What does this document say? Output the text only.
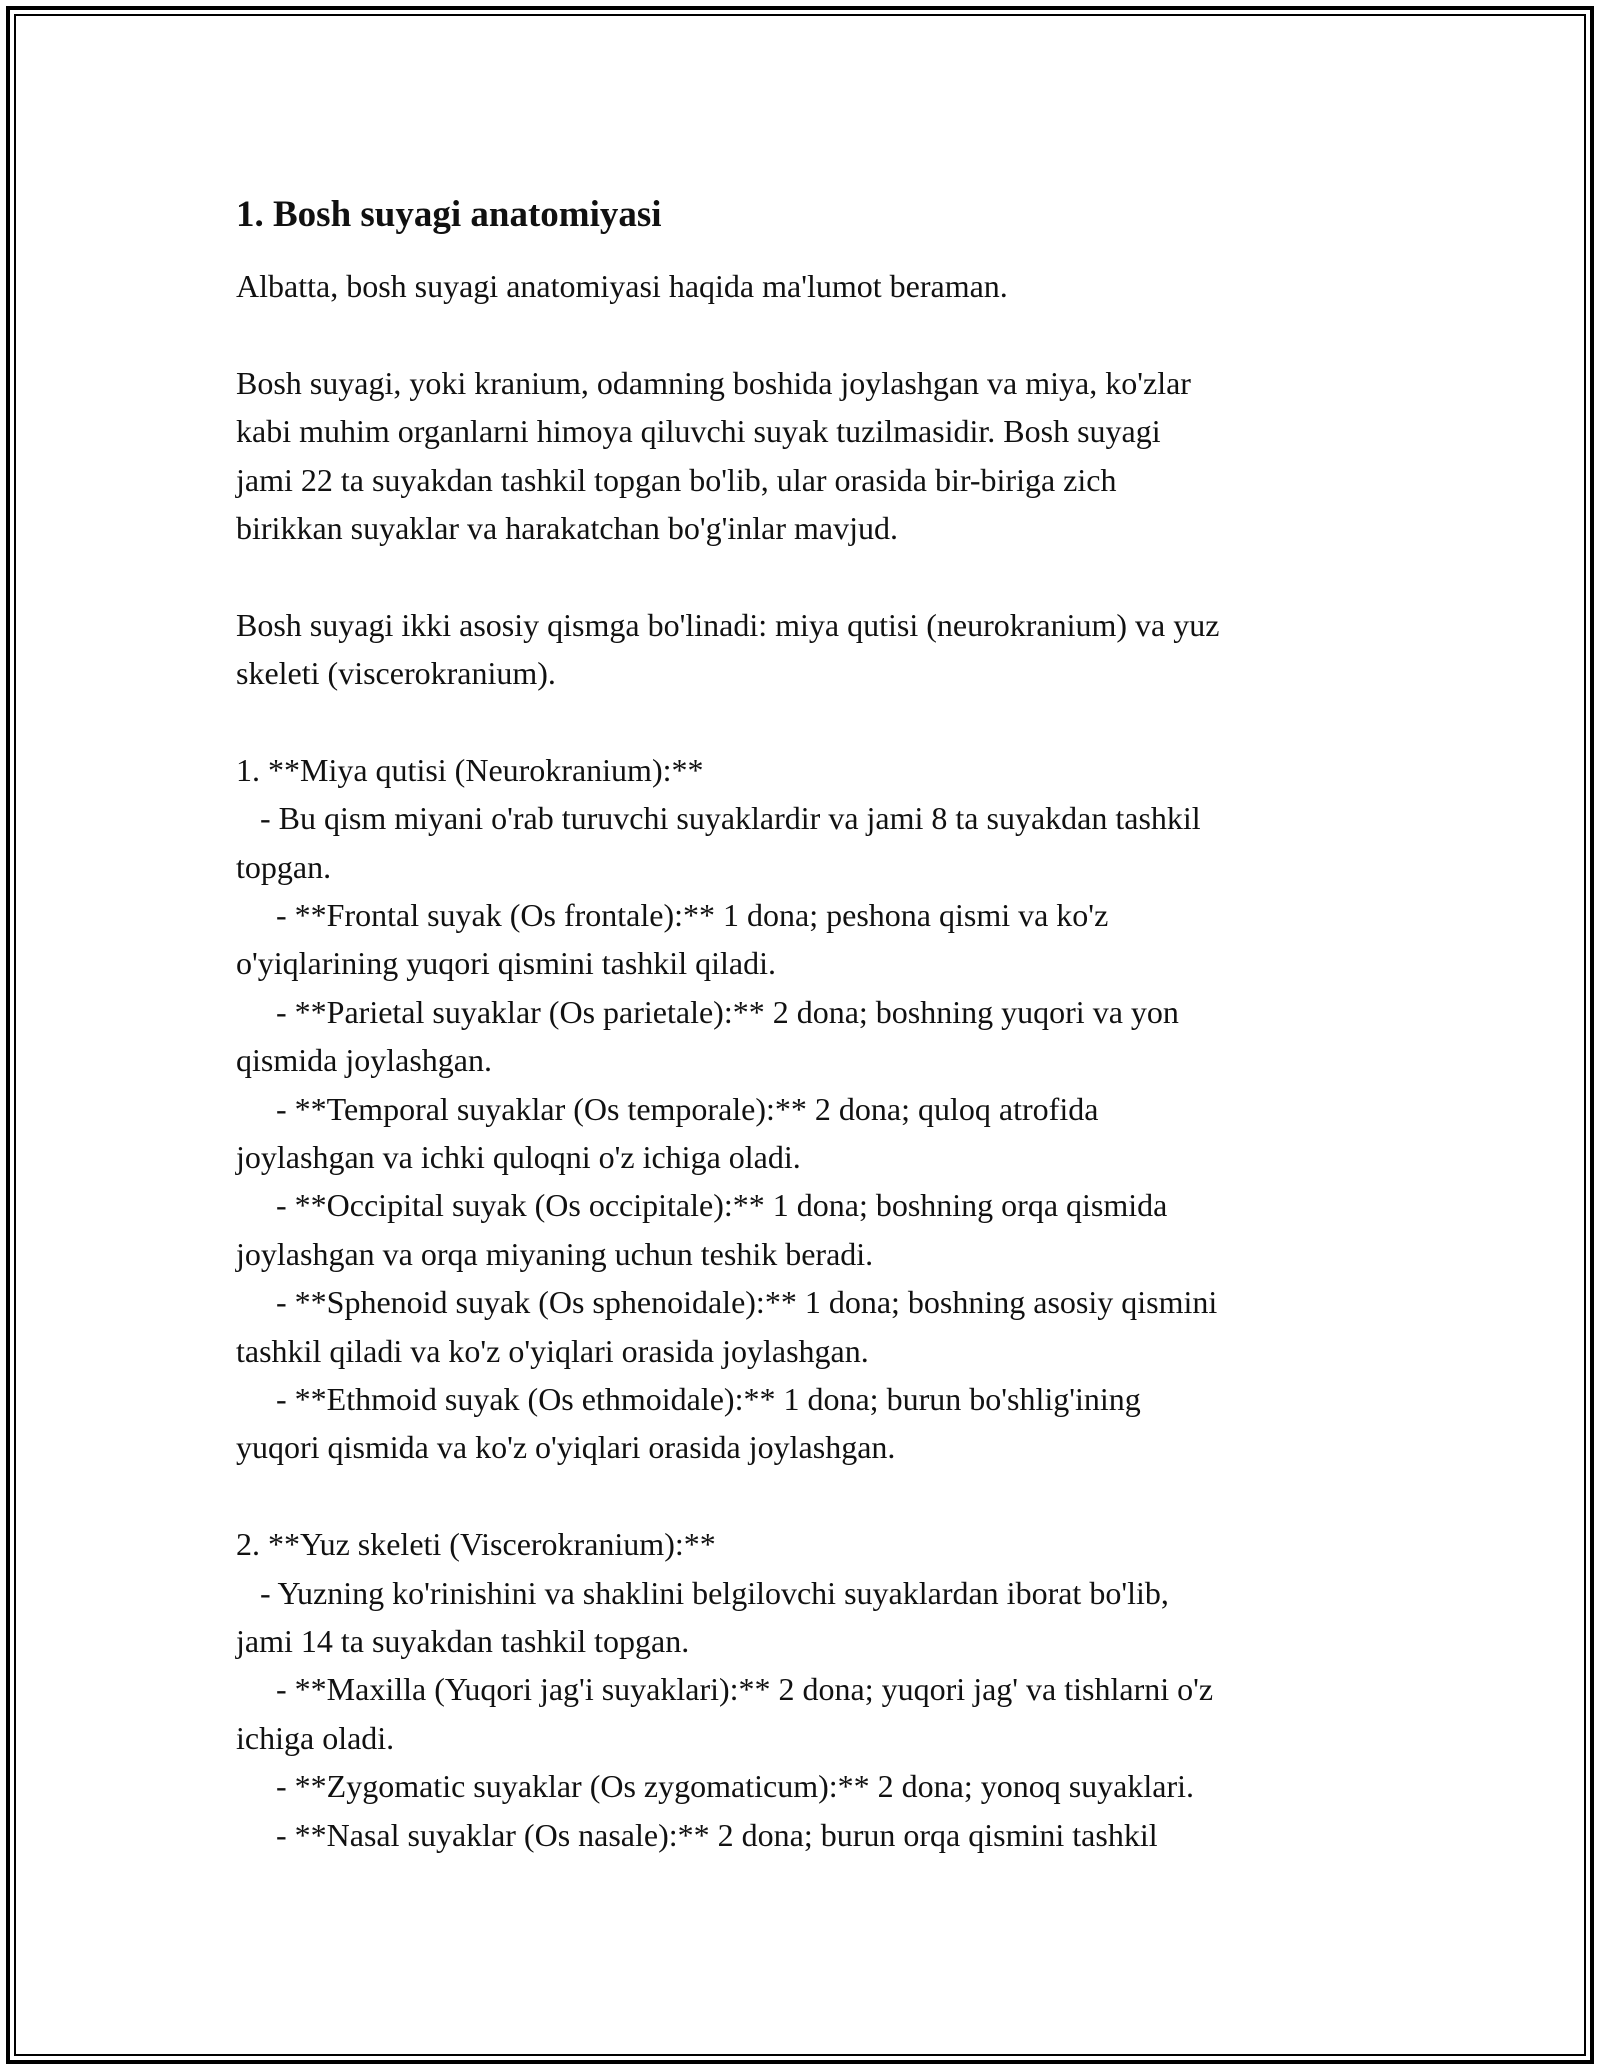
1. Bosh suyagi anatomiyasi
Albatta, bosh suyagi anatomiyasi haqida ma'lumot beraman.
Bosh suyagi, yoki kranium, odamning boshida joylashgan va miya, ko'zlar
kabi muhim organlarni himoya qiluvchi suyak tuzilmasidir. Bosh suyagi
jami 22 ta suyakdan tashkil topgan bo'lib, ular orasida bir-biriga zich
birikkan suyaklar va harakatchan bo'g'inlar mavjud.
Bosh suyagi ikki asosiy qismga bo'linadi: miya qutisi (neurokranium) va yuz
skeleti (viscerokranium).
1. **Miya qutisi (Neurokranium):**
- Bu qism miyani o'rab turuvchi suyaklardir va jami 8 ta suyakdan tashkil
topgan.
- **Frontal suyak (Os frontale):** 1 dona; peshona qismi va ko'z
o'yiqlarining yuqori qismini tashkil qiladi.
- **Parietal suyaklar (Os parietale):** 2 dona; boshning yuqori va yon
qismida joylashgan.
- **Temporal suyaklar (Os temporale):** 2 dona; quloq atrofida
joylashgan va ichki quloqni o'z ichiga oladi.
- **Occipital suyak (Os occipitale):** 1 dona; boshning orqa qismida
joylashgan va orqa miyaning uchun teshik beradi.
- **Sphenoid suyak (Os sphenoidale):** 1 dona; boshning asosiy qismini
tashkil qiladi va ko'z o'yiqlari orasida joylashgan.
- **Ethmoid suyak (Os ethmoidale):** 1 dona; burun bo'shlig'ining
yuqori qismida va ko'z o'yiqlari orasida joylashgan.
2. **Yuz skeleti (Viscerokranium):**
- Yuzning ko'rinishini va shaklini belgilovchi suyaklardan iborat bo'lib,
jami 14 ta suyakdan tashkil topgan.
- **Maxilla (Yuqori jag'i suyaklari):** 2 dona; yuqori jag' va tishlarni o'z
ichiga oladi.
- **Zygomatic suyaklar (Os zygomaticum):** 2 dona; yonoq suyaklari.
- **Nasal suyaklar (Os nasale):** 2 dona; burun orqa qismini tashkil
